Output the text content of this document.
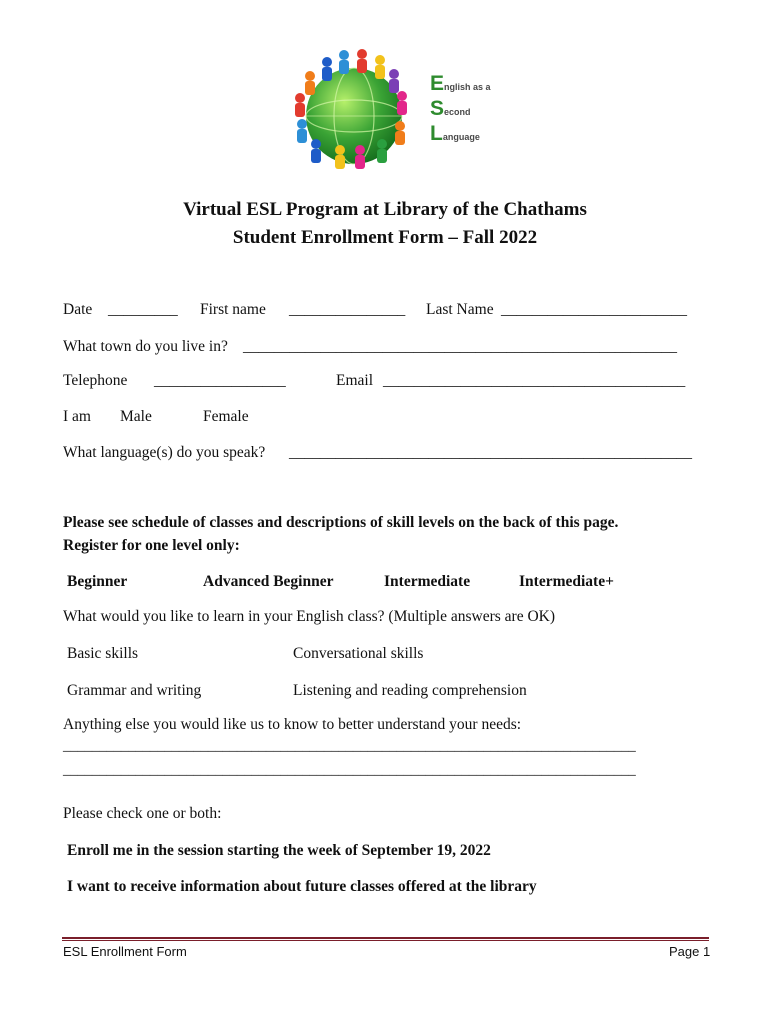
English as a
Second
Language
Virtual ESL Program at Library of the Chathams
Student Enrollment Form – Fall 2022
Date _________ First name _______________ Last Name ________________________
What town do you live in? ________________________________________________________
Telephone _________________	Email _______________________________________
I am Male	Female
What language(s) do you speak? ____________________________________________________
Please see schedule of classes and descriptions of skill levels on the back of this page.
Register for one level only:
Beginner	Advanced Beginner	Intermediate	Intermediate+
What would you like to learn in your English class? (Multiple answers are OK)
Basic skills	Conversational skills
Grammar and writing	Listening and reading comprehension
Anything else you would like us to know to better understand your needs:
_______________________________________________________________________________
_______________________________________________________________________________
Please check one or both:
Enroll me in the session starting the week of September 19, 2022
I want to receive information about future classes offered at the library
ESL Enrollment Form	Page 1
